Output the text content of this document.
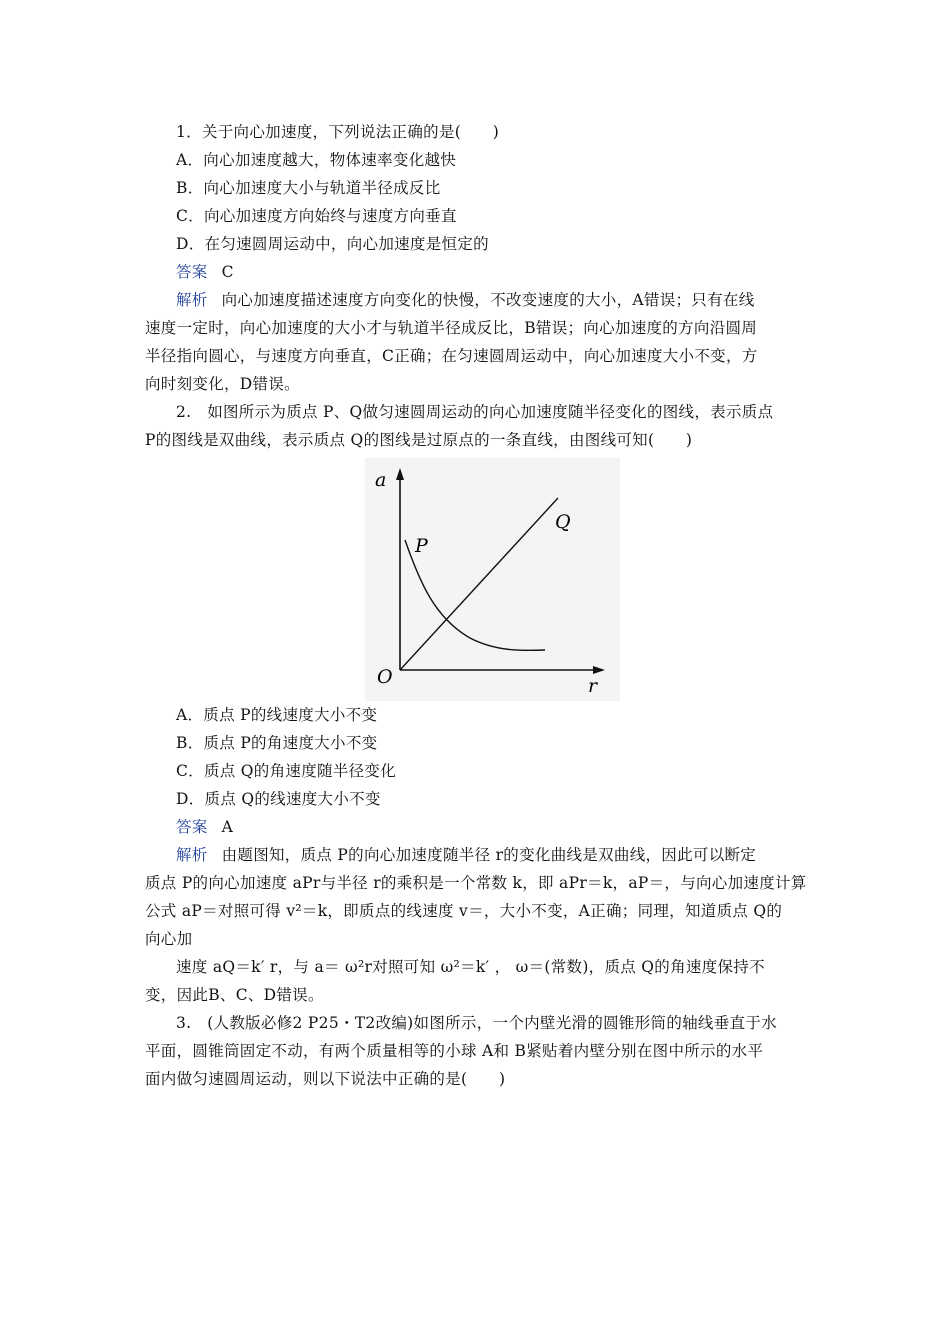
1．关于向心加速度，下列说法正确的是(　　)
A．向心加速度越大，物体速率变化越快
B．向心加速度大小与轨道半径成反比
C．向心加速度方向始终与速度方向垂直
D．在匀速圆周运动中，向心加速度是恒定的
答案 C
解析 向心加速度描述速度方向变化的快慢，不改变速度的大小，A错误；只有在线
速度一定时，向心加速度的大小才与轨道半径成反比，B错误；向心加速度的方向沿圆周
半径指向圆心，与速度方向垂直，C正确；在匀速圆周运动中，向心加速度大小不变，方
向时刻变化，D错误。
2.　如图所示为质点 P、Q做匀速圆周运动的向心加速度随半径变化的图线，表示质点
P的图线是双曲线，表示质点 Q的图线是过原点的一条直线，由图线可知(　　)
a
r
O
P
Q
A．质点 P的线速度大小不变
B．质点 P的角速度大小不变
C．质点 Q的角速度随半径变化
D．质点 Q的线速度大小不变
答案 A
解析 由题图知，质点 P的向心加速度随半径 r的变化曲线是双曲线，因此可以断定
质点 P的向心加速度 aPr与半径 r的乘积是一个常数 k，即 aPr＝k，aP＝，与向心加速度计算
公式 aP＝对照可得 v²＝k，即质点的线速度 v＝，大小不变，A正确；同理，知道质点 Q的
向心加
速度 aQ＝k′ r，与 a＝ ω²r对照可知 ω²＝k′ ， ω＝(常数)，质点 Q的角速度保持不
变，因此B、C、D错误。
3.　(人教版必修2 P25・T2改编)如图所示，一个内壁光滑的圆锥形筒的轴线垂直于水
平面，圆锥筒固定不动，有两个质量相等的小球 A和 B紧贴着内壁分别在图中所示的水平
面内做匀速圆周运动，则以下说法中正确的是(　　)
